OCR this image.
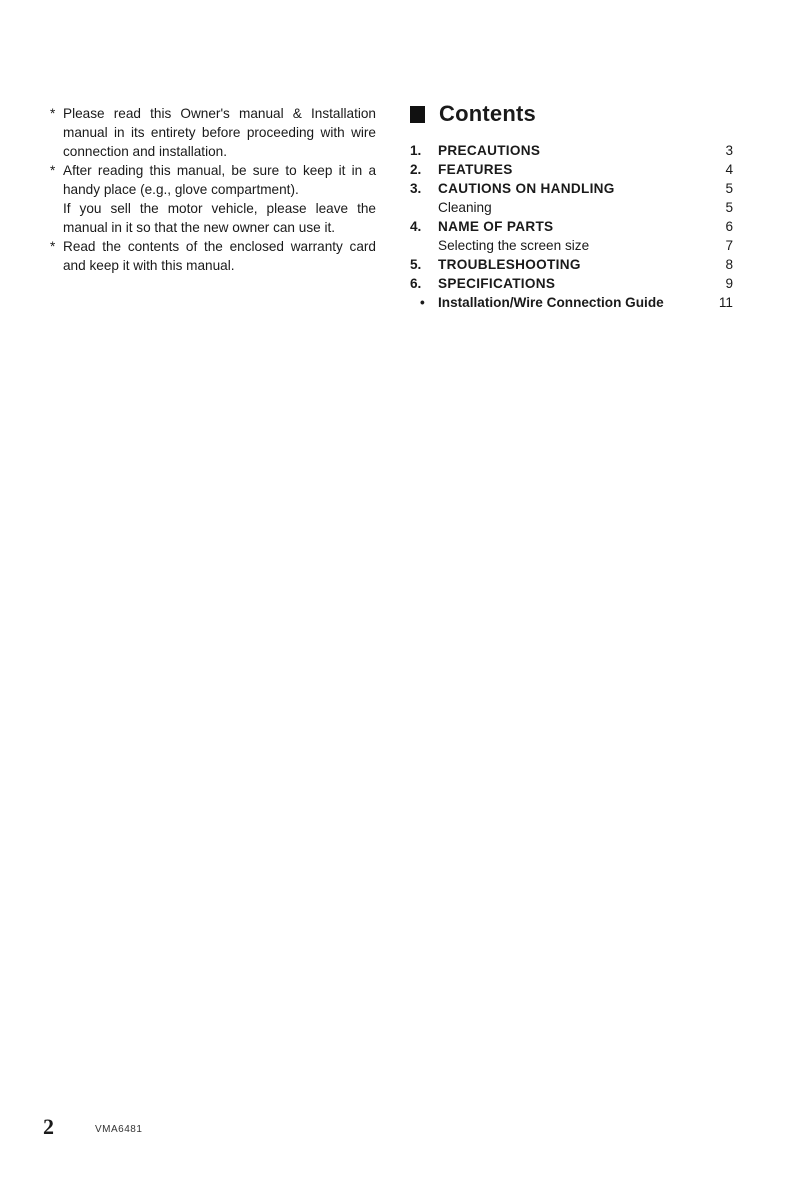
* Please read this Owner's manual & Installation manual in its entirety before proceeding with wire connection and installation.
* After reading this manual, be sure to keep it in a handy place (e.g., glove compartment).
If you sell the motor vehicle, please leave the manual in it so that the new owner can use it.
* Read the contents of the enclosed warranty card and keep it with this manual.
Contents
1. PRECAUTIONS	3
2. FEATURES	4
3. CAUTIONS ON HANDLING	5
Cleaning	5
4. NAME OF PARTS	6
Selecting the screen size	7
5. TROUBLESHOOTING	8
6. SPECIFICATIONS	9
• Installation/Wire Connection Guide	11
2	VMA6481
